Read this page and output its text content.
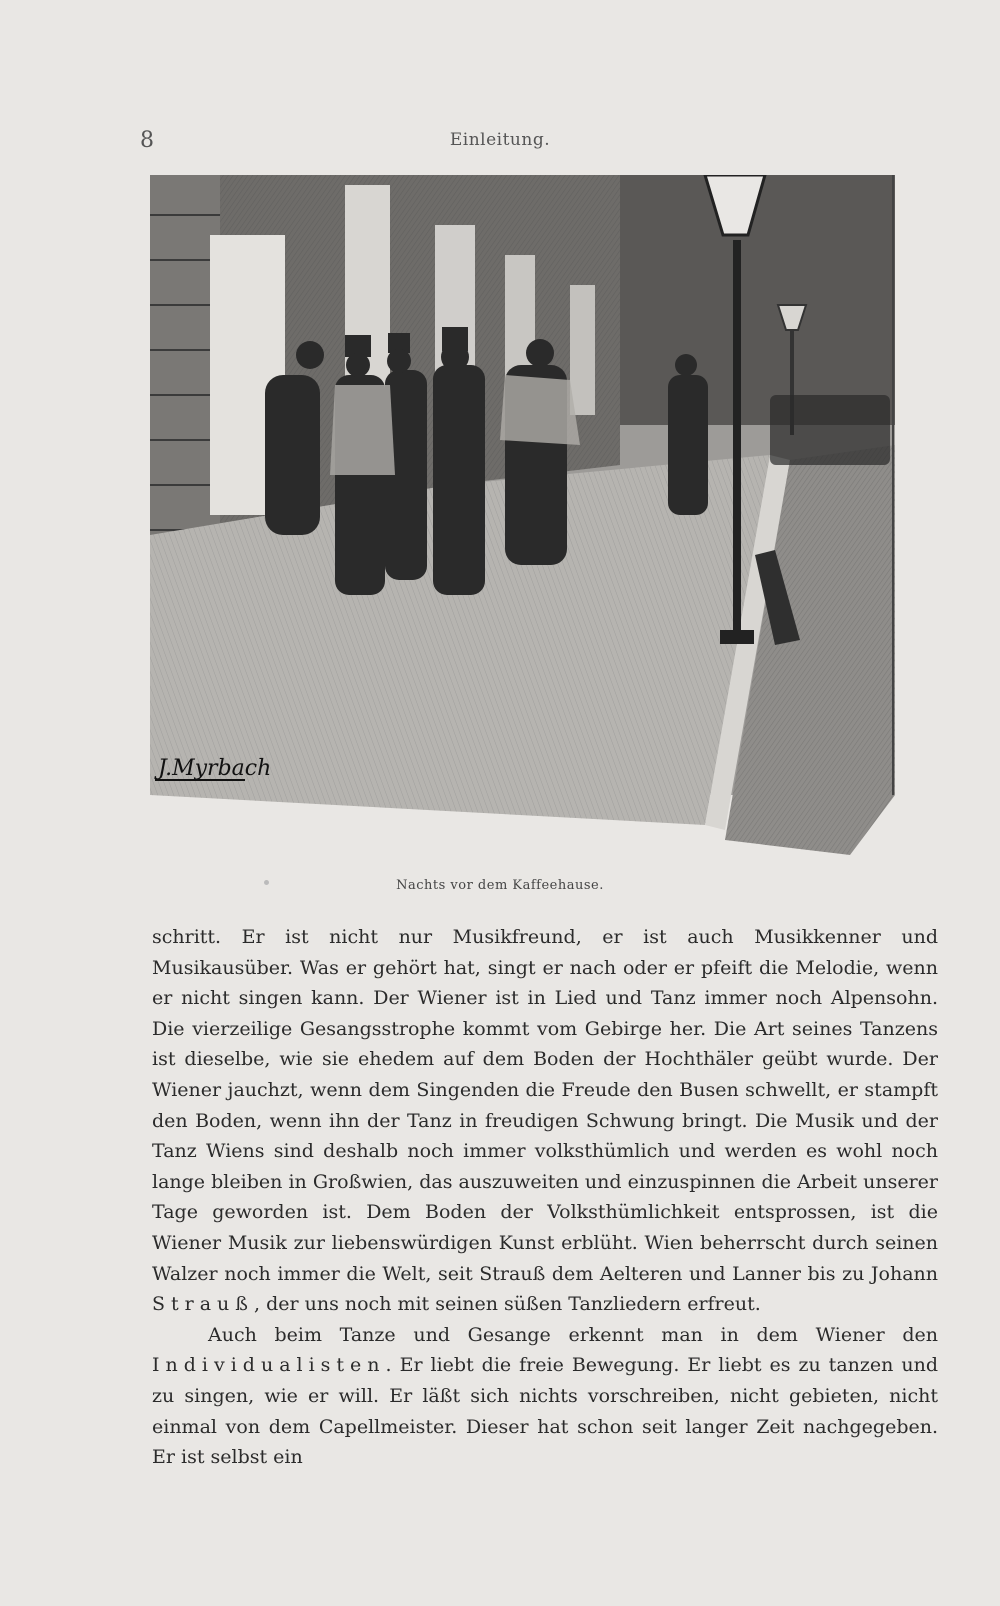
8	Einleitung.
J.Myrbach
Nachts vor dem Kaffeehause.

schritt. Er ist nicht nur Musikfreund, er ist auch Musikkenner und Musikausüber. Was er gehört hat, singt er nach oder er pfeift die Melodie, wenn er nicht singen kann. Der Wiener ist in Lied und Tanz immer noch Alpensohn. Die vierzeilige Gesangsstrophe kommt vom Gebirge her. Die Art seines Tanzens ist dieselbe, wie sie ehedem auf dem Boden der Hochthäler geübt wurde. Der Wiener jauchzt, wenn dem Singenden die Freude den Busen schwellt, er stampft den Boden, wenn ihn der Tanz in freudigen Schwung bringt. Die Musik und der Tanz Wiens sind deshalb noch immer volksthümlich und werden es wohl noch lange bleiben in Großwien, das auszuweiten und einzuspinnen die Arbeit unserer Tage geworden ist. Dem Boden der Volksthümlichkeit entsprossen, ist die Wiener Musik zur liebenswürdigen Kunst erblüht. Wien beherrscht durch seinen Walzer noch immer die Welt, seit Strauß dem Aelteren und Lanner bis zu Johann Strauß, der uns noch mit seinen süßen Tanzliedern erfreut.

Auch beim Tanze und Gesange erkennt man in dem Wiener den Individualisten. Er liebt die freie Bewegung. Er liebt es zu tanzen und zu singen, wie er will. Er läßt sich nichts vorschreiben, nicht gebieten, nicht einmal von dem Capellmeister. Dieser hat schon seit langer Zeit nachgegeben. Er ist selbst ein
